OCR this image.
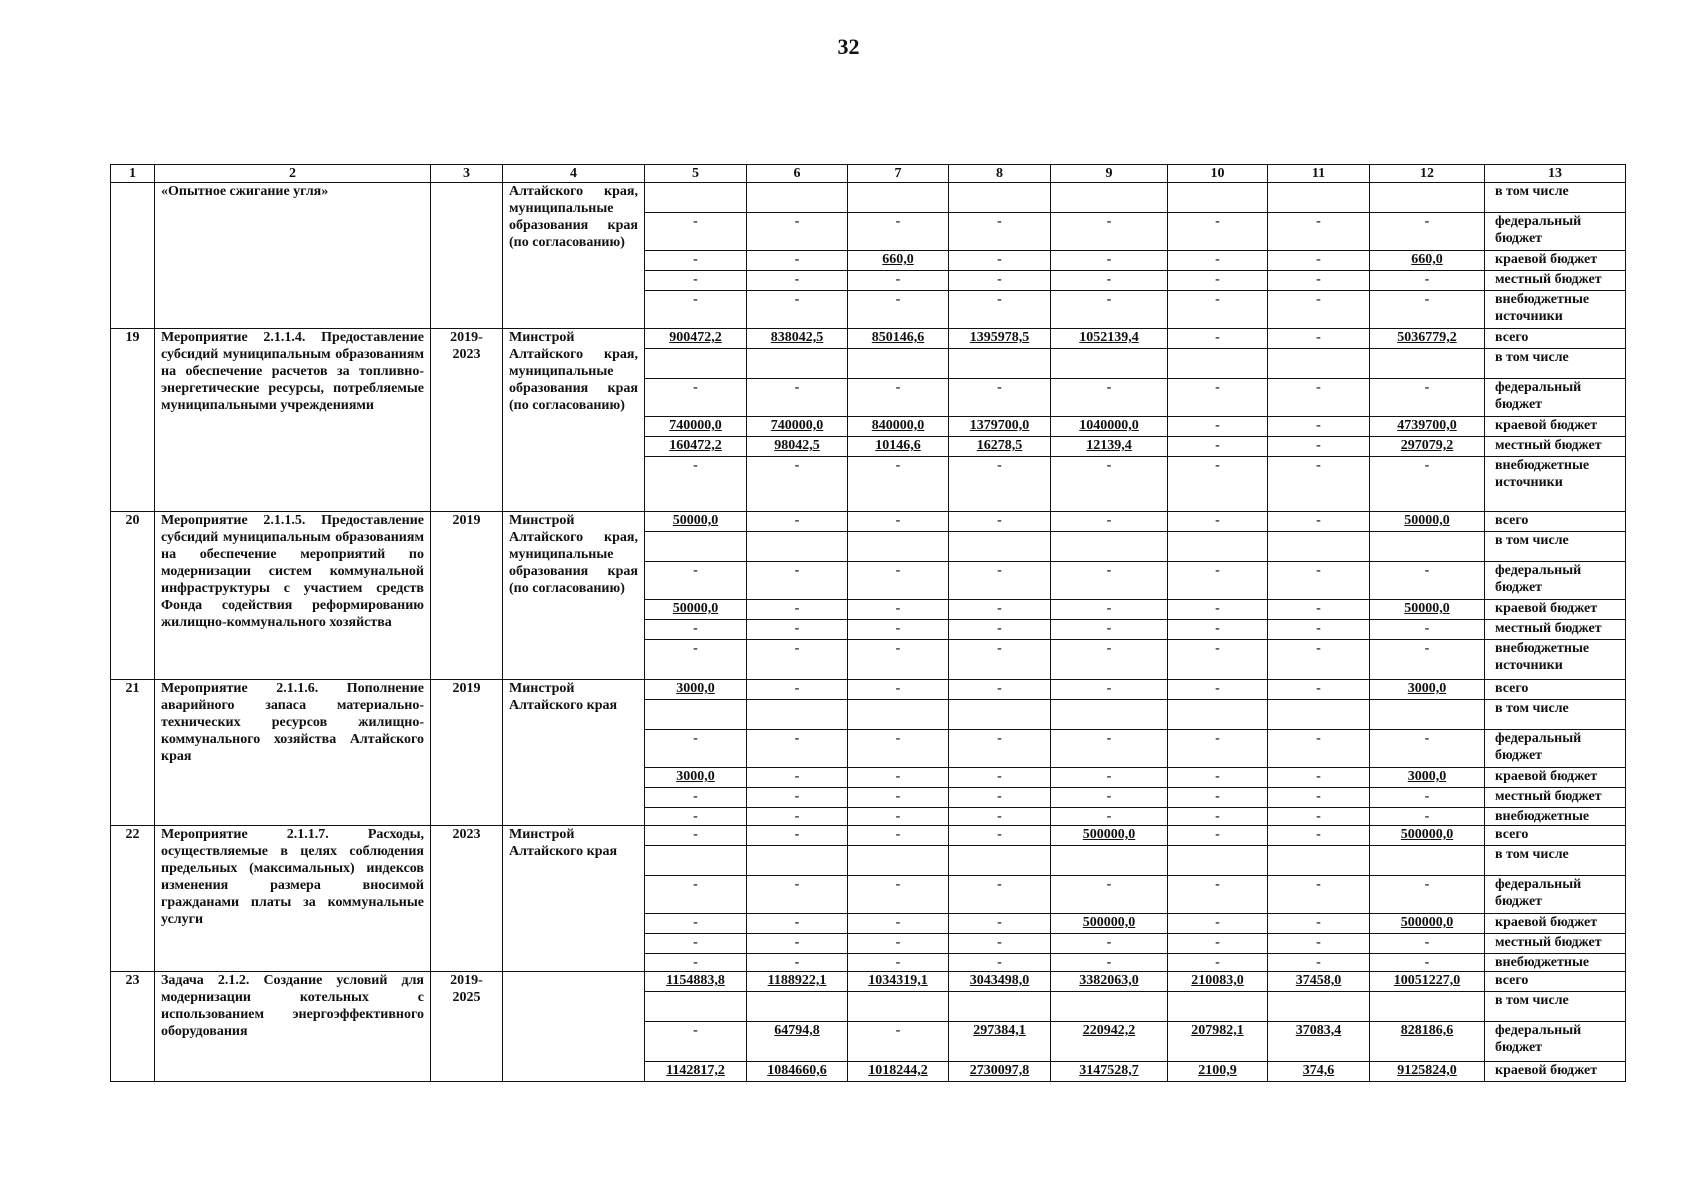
32
1	2	3	4	5	6	7	8	9	10	11	12	13
	«Опытное сжигание угля»		Алтайского края, муниципальные образования края (по согласованию)									в том числе
				-	-	-	-	-	-	-	-	федеральный бюджет
				-	-	660,0	-	-	-	-	660,0	краевой бюджет
				-	-	-	-	-	-	-	-	местный бюджет
				-	-	-	-	-	-	-	-	внебюджетные источники
19	Мероприятие 2.1.1.4. Предоставление субсидий муниципальным образованиям на обеспечение расчетов за топливно-энергетические ресурсы, потребляемые муниципальными учреждениями	2019-2023	Минстрой Алтайского края, муниципальные образования края (по согласованию)	900472,2	838042,5	850146,6	1395978,5	1052139,4	-	-	5036779,2	всего
												в том числе
				-	-	-	-	-	-	-	-	федеральный бюджет
				740000,0	740000,0	840000,0	1379700,0	1040000,0	-	-	4739700,0	краевой бюджет
				160472,2	98042,5	10146,6	16278,5	12139,4	-	-	297079,2	местный бюджет
				-	-	-	-	-	-	-	-	внебюджетные источники
20	Мероприятие 2.1.1.5. Предоставление субсидий муниципальным образованиям на обеспечение мероприятий по модернизации систем коммунальной инфраструктуры с участием средств Фонда содействия реформированию жилищно-коммунального хозяйства	2019	Минстрой Алтайского края, муниципальные образования края (по согласованию)	50000,0	-	-	-	-	-	-	50000,0	всего
												в том числе
				-	-	-	-	-	-	-	-	федеральный бюджет
				50000,0	-	-	-	-	-	-	50000,0	краевой бюджет
				-	-	-	-	-	-	-	-	местный бюджет
				-	-	-	-	-	-	-	-	внебюджетные источники
21	Мероприятие 2.1.1.6. Пополнение аварийного запаса материально-технических ресурсов жилищно-коммунального хозяйства Алтайского края	2019	Минстрой Алтайского края	3000,0	-	-	-	-	-	-	3000,0	всего
												в том числе
				-	-	-	-	-	-	-	-	федеральный бюджет
				3000,0	-	-	-	-	-	-	3000,0	краевой бюджет
				-	-	-	-	-	-	-	-	местный бюджет
				-	-	-	-	-	-	-	-	внебюджетные
22	Мероприятие 2.1.1.7. Расходы, осуществляемые в целях соблюдения предельных (максимальных) индексов изменения размера вносимой гражданами платы за коммунальные услуги	2023	Минстрой Алтайского края	-	-	-	-	500000,0	-	-	500000,0	всего
												в том числе
				-	-	-	-	-	-	-	-	федеральный бюджет
				-	-	-	-	500000,0	-	-	500000,0	краевой бюджет
				-	-	-	-	-	-	-	-	местный бюджет
				-	-	-	-	-	-	-	-	внебюджетные
23	Задача 2.1.2. Создание условий для модернизации котельных с использованием энергоэффективного оборудования	2019-2025		1154883,8	1188922,1	1034319,1	3043498,0	3382063,0	210083,0	37458,0	10051227,0	всего
												в том числе
				-	64794,8	-	297384,1	220942,2	207982,1	37083,4	828186,6	федеральный бюджет
				1142817,2	1084660,6	1018244,2	2730097,8	3147528,7	2100,9	374,6	9125824,0	краевой бюджет
